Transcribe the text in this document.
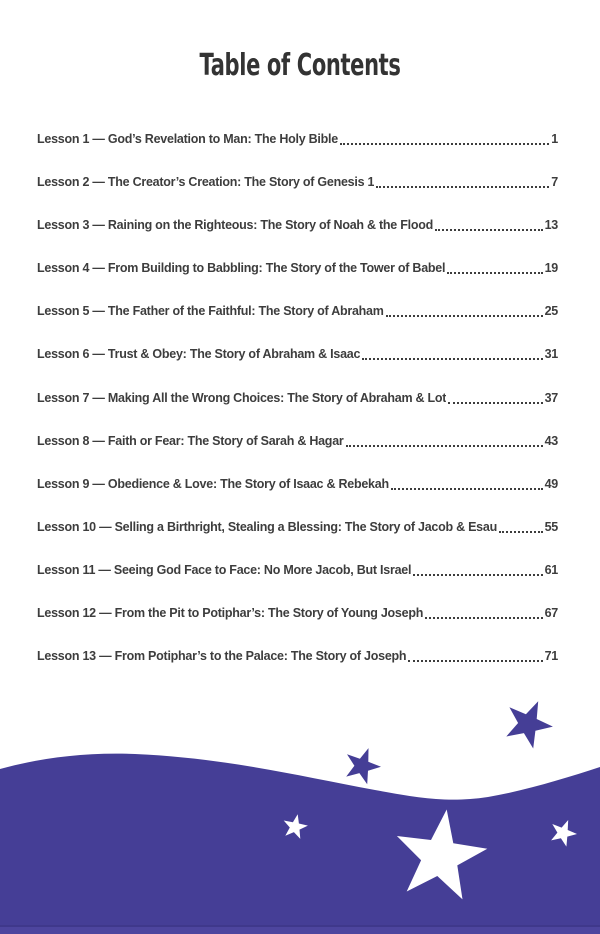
Table of Contents
Lesson 1 — God’s Revelation to Man: The Holy Bible	1
Lesson 2 — The Creator’s Creation: The Story of Genesis 1	7
Lesson 3 — Raining on the Righteous: The Story of Noah & the Flood	13
Lesson 4 — From Building to Babbling: The Story of the Tower of Babel	19
Lesson 5 — The Father of the Faithful: The Story of Abraham	25
Lesson 6 — Trust & Obey: The Story of Abraham & Isaac	31
Lesson 7 — Making All the Wrong Choices: The Story of Abraham & Lot	37
Lesson 8 — Faith or Fear: The Story of Sarah & Hagar	43
Lesson 9 — Obedience & Love: The Story of Isaac & Rebekah	49
Lesson 10 — Selling a Birthright, Stealing a Blessing: The Story of Jacob & Esau	55
Lesson 11 — Seeing God Face to Face: No More Jacob, But Israel	61
Lesson 12 — From the Pit to Potiphar’s: The Story of Young Joseph	67
Lesson 13 — From Potiphar’s to the Palace: The Story of Joseph	71
